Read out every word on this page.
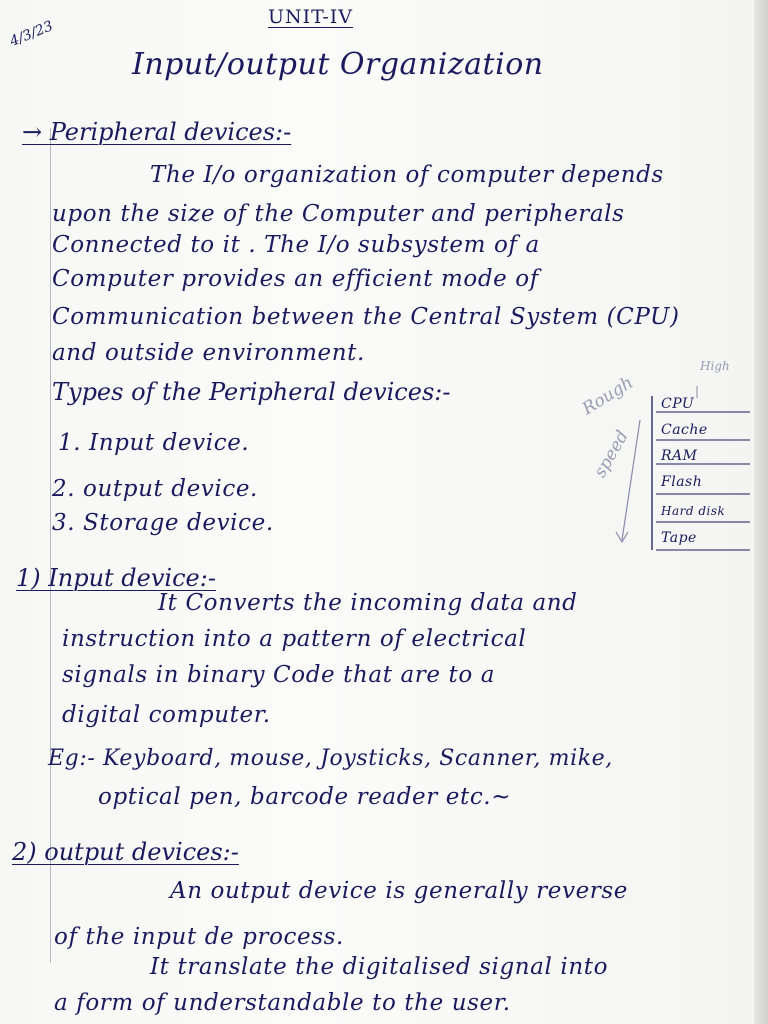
4/3/23
UNIT-IV
Input/output Organization
→ Peripheral devices:-
The I/o organization of computer depends
upon the size of the Computer and peripherals
Connected to it . The I/o subsystem of a
Computer provides an efficient mode of
Communication between the Central System (CPU)
and outside environment.
Types of the Peripheral devices:-
1. Input device.
2. output device.
3. Storage device.
Rough
High
speed
CPU
Cache
RAM
Flash
Hard disk
Tape
1) Input device:-
It Converts the incoming data and
instruction into a pattern of electrical
signals in binary Code that are to a
digital computer.
Eg:- Keyboard, mouse, Joysticks, Scanner, mike,
optical pen, barcode reader etc.~
2) output devices:-
An output device is generally reverse
of the input de process.
It translate the digitalised signal into
a form of understandable to the user.
